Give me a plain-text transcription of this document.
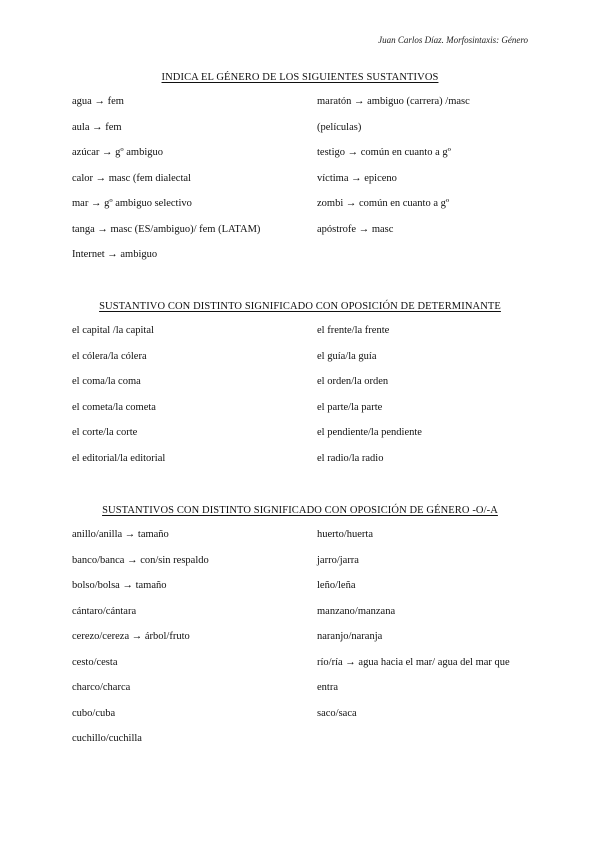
Juan Carlos Díaz. Morfosintaxis: Género
INDICA EL GÉNERO DE LOS SIGUIENTES SUSTANTIVOS
agua → fem
aula → fem
azúcar → gº ambiguo
calor → masc (fem dialectal
mar → gº ambiguo selectivo
tanga → masc (ES/ambiguo)/ fem (LATAM)
Internet → ambiguo
maratón → ambiguo (carrera) /masc
(películas)
testigo → común en cuanto a gº
víctima → epiceno
zombi → común en cuanto a gº
apóstrofe → masc
SUSTANTIVO CON DISTINTO SIGNIFICADO CON OPOSICIÓN DE DETERMINANTE
el capital /la capital
el cólera/la cólera
el coma/la coma
el cometa/la cometa
el corte/la corte
el editorial/la editorial
el frente/la frente
el guía/la guía
el orden/la orden
el parte/la parte
el pendiente/la pendiente
el radio/la radio
SUSTANTIVOS CON DISTINTO SIGNIFICADO CON OPOSICIÓN DE GÉNERO -O/-A
anillo/anilla → tamaño
banco/banca → con/sin respaldo
bolso/bolsa → tamaño
cántaro/cántara
cerezo/cereza → árbol/fruto
cesto/cesta
charco/charca
cubo/cuba
cuchillo/cuchilla
huerto/huerta
jarro/jarra
leño/leña
manzano/manzana
naranjo/naranja
río/ría → agua hacia el mar/ agua del mar que
entra
saco/saca
